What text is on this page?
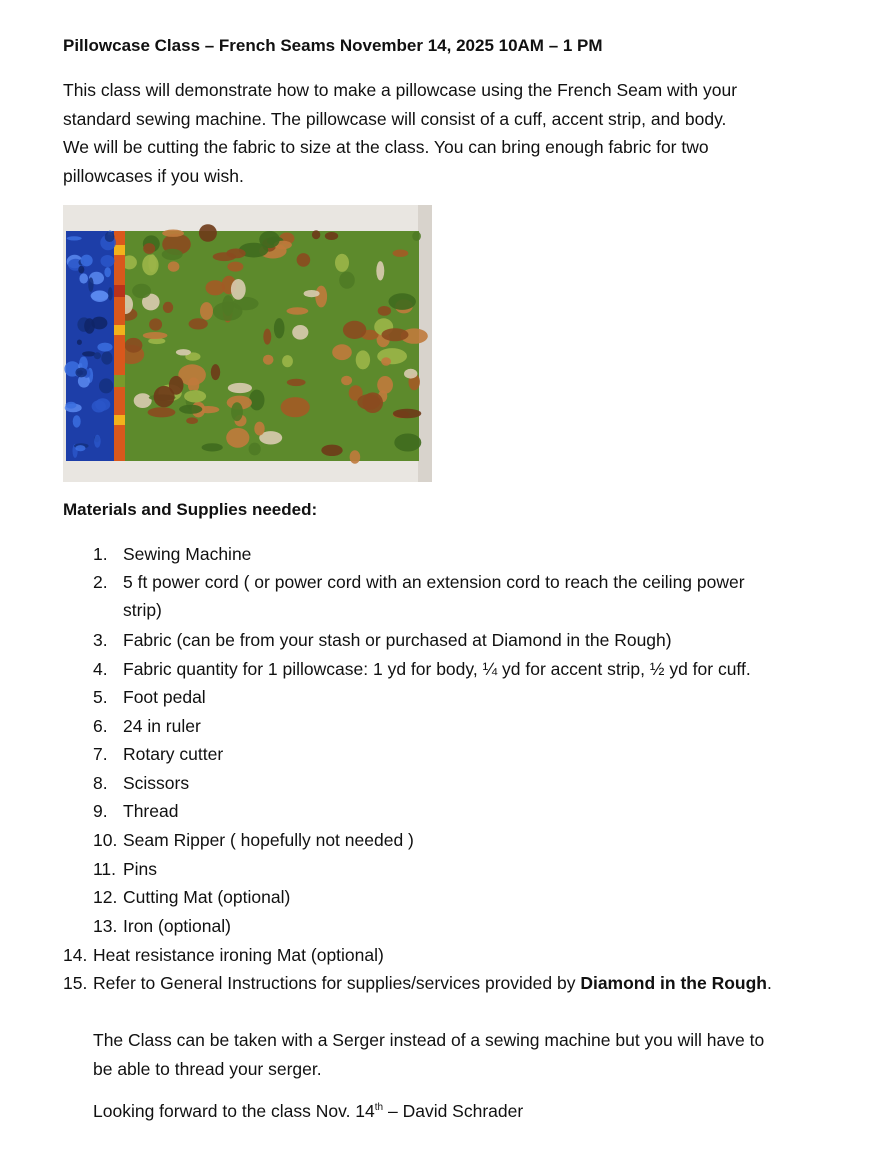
Pillowcase Class – French Seams November 14, 2025 10AM – 1 PM
This class will demonstrate how to make a pillowcase using the French Seam with your
standard sewing machine. The pillowcase will consist of a cuff, accent strip, and body.
We will be cutting the fabric to size at the class. You can bring enough fabric for two
pillowcases if you wish.
Materials and Supplies needed:
1. Sewing Machine
2. 5 ft power cord ( or power cord with an extension cord to reach the ceiling power
strip)
3. Fabric (can be from your stash or purchased at Diamond in the Rough)
4. Fabric quantity for 1 pillowcase: 1 yd for body, ¼ yd for accent strip, ½ yd for cuff.
5. Foot pedal
6. 24 in ruler
7. Rotary cutter
8. Scissors
9. Thread
10. Seam Ripper ( hopefully not needed )
11. Pins
12. Cutting Mat (optional)
13. Iron (optional)
14. Heat resistance ironing Mat (optional)
15. Refer to General Instructions for supplies/services provided by Diamond in the Rough.
The Class can be taken with a Serger instead of a sewing machine but you will have to
be able to thread your serger.
Looking forward to the class Nov. 14th – David Schrader
